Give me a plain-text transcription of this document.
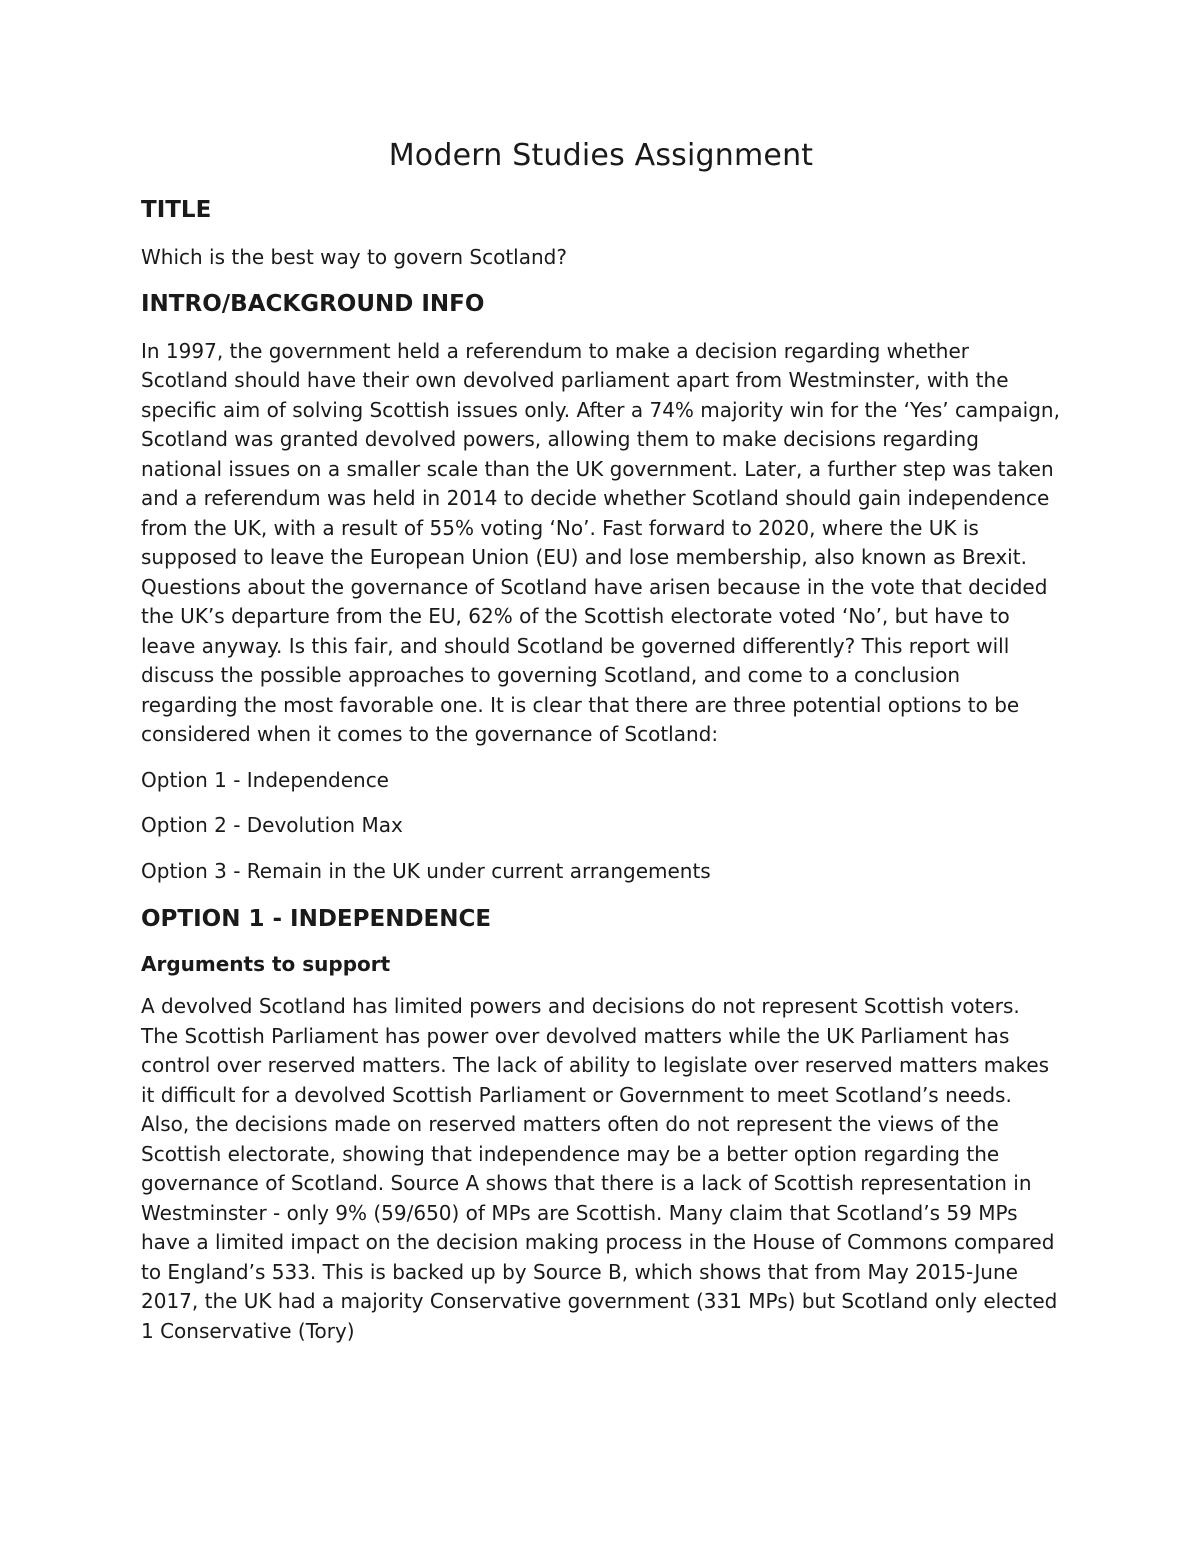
Modern Studies Assignment
TITLE

Which is the best way to govern Scotland?

INTRO/BACKGROUND INFO

In 1997, the government held a referendum to make a decision regarding whether Scotland should have their own devolved parliament apart from Westminster, with the specific aim of solving Scottish issues only. After a 74% majority win for the ‘Yes’ campaign, Scotland was granted devolved powers, allowing them to make decisions regarding national issues on a smaller scale than the UK government. Later, a further step was taken and a referendum was held in 2014 to decide whether Scotland should gain independence from the UK, with a result of 55% voting ‘No’. Fast forward to 2020, where the UK is supposed to leave the European Union (EU) and lose membership, also known as Brexit. Questions about the governance of Scotland have arisen because in the vote that decided the UK’s departure from the EU, 62% of the Scottish electorate voted ‘No’, but have to leave anyway. Is this fair, and should Scotland be governed differently? This report will discuss the possible approaches to governing Scotland, and come to a conclusion regarding the most favorable one. It is clear that there are three potential options to be considered when it comes to the governance of Scotland:

Option 1 - Independence
Option 2 - Devolution Max
Option 3 - Remain in the UK under current arrangements
OPTION 1 - INDEPENDENCE
Arguments to support

A devolved Scotland has limited powers and decisions do not represent Scottish voters. The Scottish Parliament has power over devolved matters while the UK Parliament has control over reserved matters. The lack of ability to legislate over reserved matters makes it difficult for a devolved Scottish Parliament or Government to meet Scotland’s needs. Also, the decisions made on reserved matters often do not represent the views of the Scottish electorate, showing that independence may be a better option regarding the governance of Scotland. Source A shows that there is a lack of Scottish representation in Westminster - only 9% (59/650) of MPs are Scottish. Many claim that Scotland’s 59 MPs have a limited impact on the decision making process in the House of Commons compared to England’s 533. This is backed up by Source B, which shows that from May 2015-June 2017, the UK had a majority Conservative government (331 MPs) but Scotland only elected 1 Conservative (Tory)
